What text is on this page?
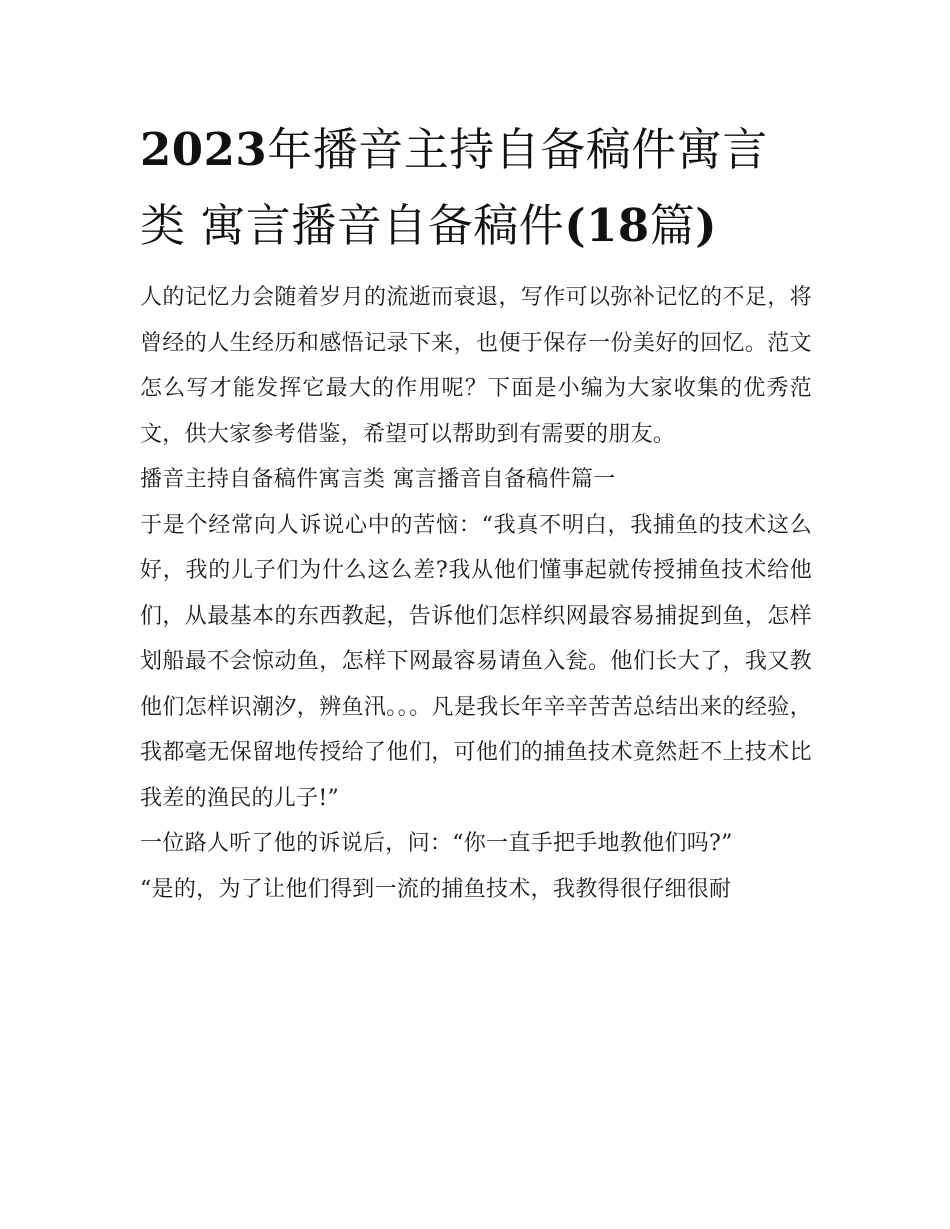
2023年播音主持自备稿件寓言类 寓言播音自备稿件(18篇)

人的记忆力会随着岁月的流逝而衰退，写作可以弥补记忆的不足，将曾经的人生经历和感悟记录下来，也便于保存一份美好的回忆。范文怎么写才能发挥它最大的作用呢？下面是小编为大家收集的优秀范文，供大家参考借鉴，希望可以帮助到有需要的朋友。

播音主持自备稿件寓言类 寓言播音自备稿件篇一

于是个经常向人诉说心中的苦恼：“我真不明白，我捕鱼的技术这么好，我的儿子们为什么这么差?我从他们懂事起就传授捕鱼技术给他们，从最基本的东西教起，告诉他们怎样织网最容易捕捉到鱼，怎样划船最不会惊动鱼，怎样下网最容易请鱼入瓮。他们长大了，我又教他们怎样识潮汐，辨鱼汛。。。凡是我长年辛辛苦苦总结出来的经验，我都毫无保留地传授给了他们，可他们的捕鱼技术竟然赶不上技术比我差的渔民的儿子!”

一位路人听了他的诉说后，问：“你一直手把手地教他们吗?”

“是的，为了让他们得到一流的捕鱼技术，我教得很仔细很耐
